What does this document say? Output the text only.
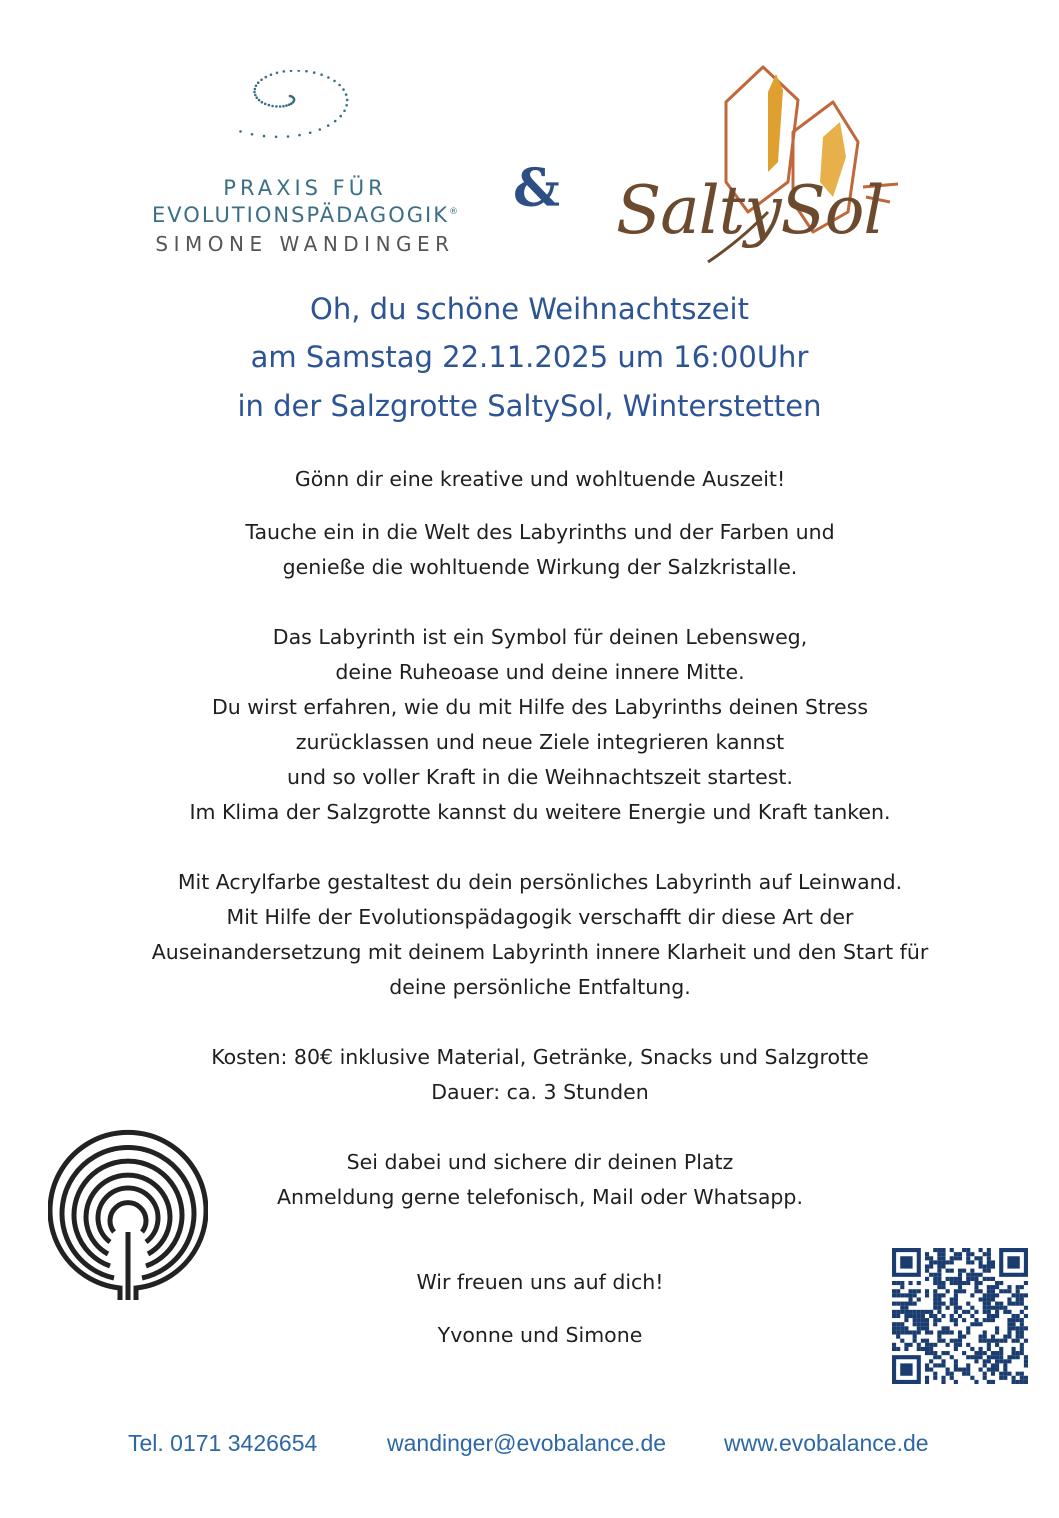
PRAXIS FÜR
EVOLUTIONSPÄDAGOGIK®
SIMONE WANDINGER
& SaltySol
Oh, du schöne Weihnachtszeit
am Samstag 22.11.2025 um 16:00Uhr
in der Salzgrotte SaltySol, Winterstetten

Gönn dir eine kreative und wohltuende Auszeit!

Tauche ein in die Welt des Labyrinths und der Farben und

genieße die wohltuende Wirkung der Salzkristalle.

Das Labyrinth ist ein Symbol für deinen Lebensweg,

deine Ruheoase und deine innere Mitte.

Du wirst erfahren, wie du mit Hilfe des Labyrinths deinen Stress

zurücklassen und neue Ziele integrieren kannst

und so voller Kraft in die Weihnachtszeit startest.

Im Klima der Salzgrotte kannst du weitere Energie und Kraft tanken.

Mit Acrylfarbe gestaltest du dein persönliches Labyrinth auf Leinwand.

Mit Hilfe der Evolutionspädagogik verschafft dir diese Art der

Auseinandersetzung mit deinem Labyrinth innere Klarheit und den Start für

deine persönliche Entfaltung.

Kosten: 80€ inklusive Material, Getränke, Snacks und Salzgrotte

Dauer: ca. 3 Stunden

Sei dabei und sichere dir deinen Platz

Anmeldung gerne telefonisch, Mail oder Whatsapp.

Wir freuen uns auf dich!

Yvonne und Simone

Tel. 0171 3426654	wandinger@evobalance.de	www.evobalance.de
